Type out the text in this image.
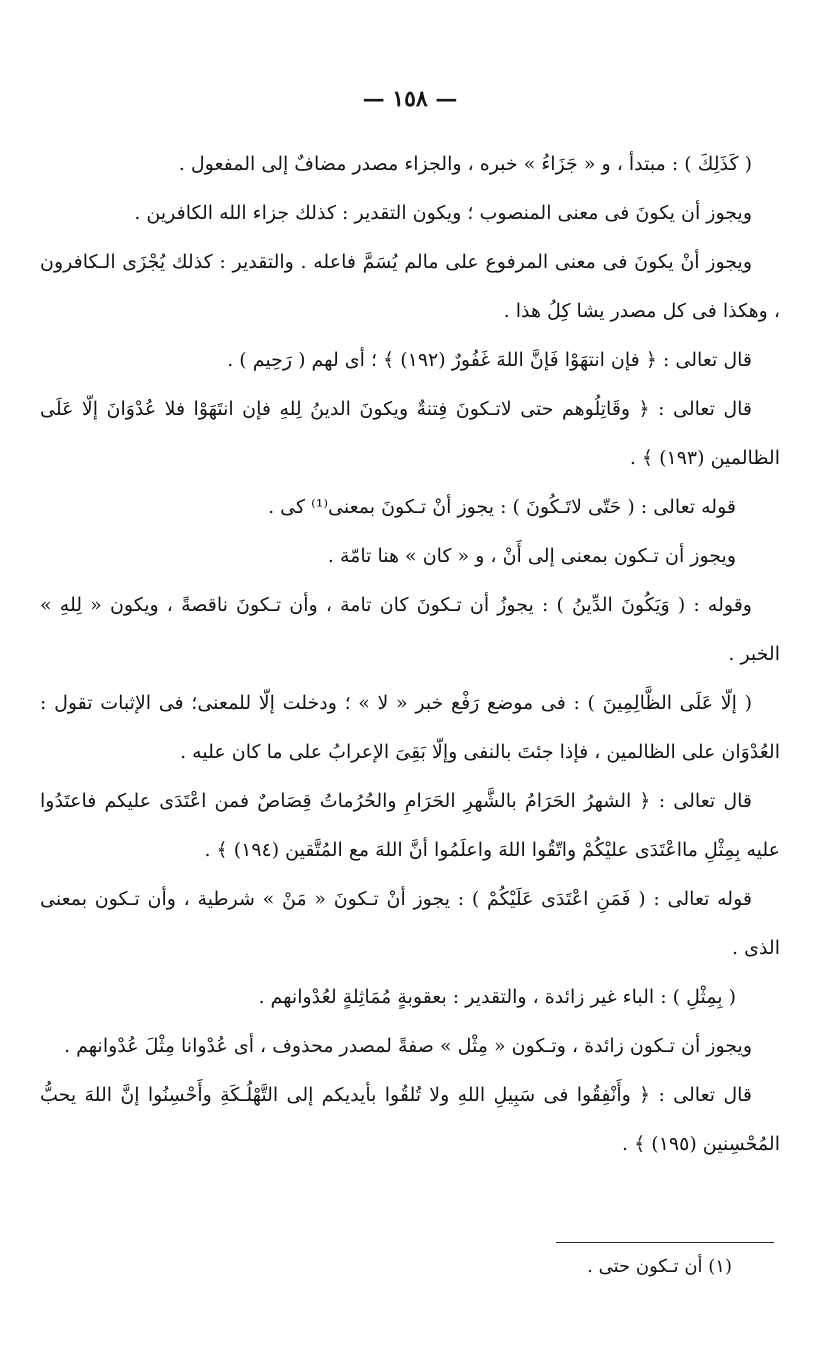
— ١٥٨ —

( كَذَلِكَ ) : مبتدأ ، و « جَزَاءُ » خبره ، والجزاء مصدر مضافٌ إلى المفعول .

ويجوز أن يكونَ فى معنى المنصوب ؛ ويكون التقدير : كذلك جزاء الله الكافرين .

ويجوز أنْ يكونَ فى معنى المرفوع على مالم يُسَمَّ فاعله . والتقدير : كذلك يُجْزَى الـكافرون ، وهكذا فى كل مصدر يشا كِلُ هذا .

قال تعالى : ﴿ فإن انتهَوْا فَإنَّ اللهَ غَفُورٌ (١٩٢) ﴾ ؛ أى لهم ( رَحِيم ) .

قال تعالى : ﴿ وقَاتِلُوهم حتى لاتـكونَ فِتنةٌ ويكونَ الدينُ لِلهِ فإن انتَهَوْا فلا عُدْوَانَ إلّا عَلَى الظالمين (١٩٣) ﴾ .

قوله تعالى : ( حَتّى لاتَـكُونَ ) : يجوز أنْ تـكونَ بمعنى⁽¹⁾ كى .

ويجوز أن تـكون بمعنى إلى أَنْ ، و « كان » هنا تامّة .

وقوله : ( وَيَكُونَ الدِّينُ ) : يجوزُ أن تـكونَ كان تامة ، وأن تـكونَ ناقصةً ، ويكون « لِلهِ » الخبر .

( إلّا عَلَى الظَّالِمِينَ ) : فى موضع رَفْع خبر « لا » ؛ ودخلت إلّا للمعنى؛ فى الإثبات تقول : العُدْوَان على الظالمين ، فإذا جئتَ بالنفى وإلّا بَقِىَ الإعرابُ على ما كان عليه .

قال تعالى : ﴿ الشهرُ الحَرَامُ بالشَّهرِ الحَرَامِ والحُرُماتُ قِصَاصٌ فمن اعْتَدَى عليكم فاعتَدُوا عليه بِمِثْلِ مااعْتَدَى عليْكُمْ واتّقُوا اللهَ واعلَمُوا أنَّ اللهَ مع المُتَّقين (١٩٤) ﴾ .

قوله تعالى : ( فَمَنِ اعْتَدَى عَلَيْكُمْ ) : يجوز أنْ تـكونَ « مَنْ » شرطية ، وأن تـكون بمعنى الذى .

( بِمِثْلِ ) : الباء غير زائدة ، والتقدير : بعقوبةٍ مُمَاثِلةٍ لعُدْوانهم .

ويجوز أن تـكون زائدة ، وتـكون « مِثْل » صفةً لمصدر محذوف ، أى عُدْوانا مِثْلَ عُدْوانهم .

قال تعالى : ﴿ وأَنْفِقُوا فى سَبِيلِ اللهِ ولا تُلقُوا بأيديكم إلى التَّهْلُـكَةِ وأَحْسِنُوا إنَّ اللهَ يحبُّ المُحْسِنين (١٩٥) ﴾ .

(١) أن تـكون حتى .
